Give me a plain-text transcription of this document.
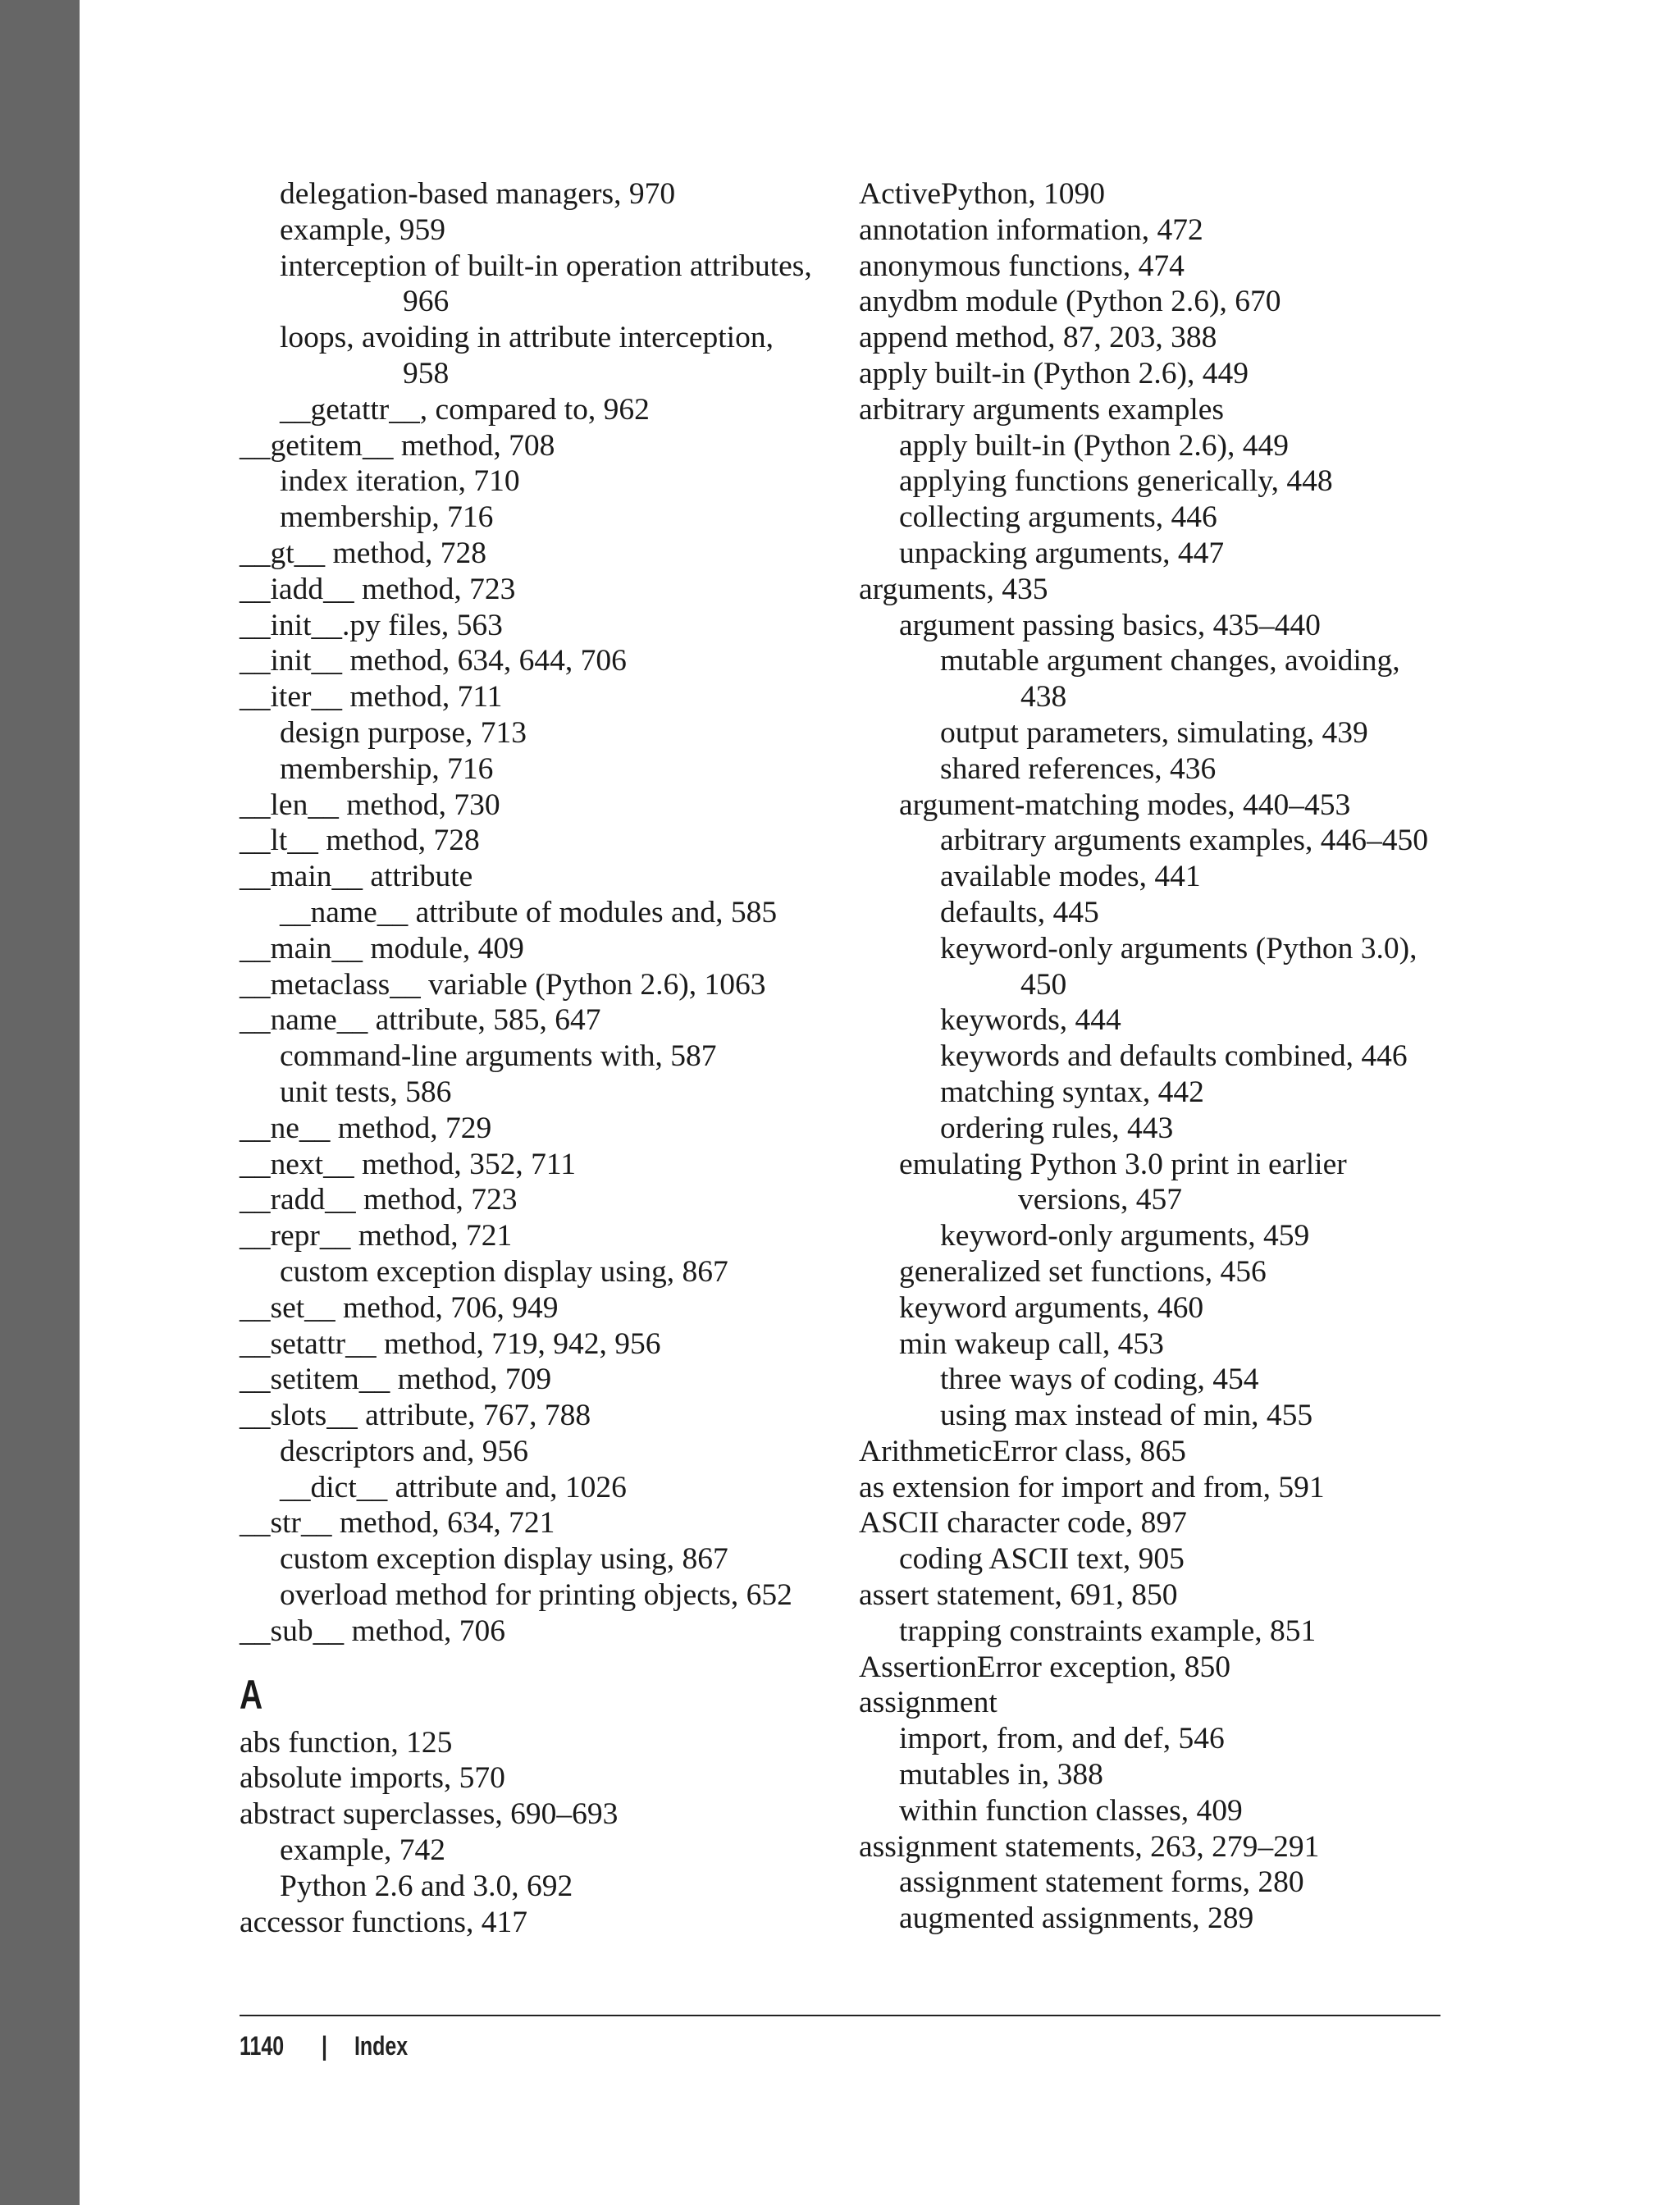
delegation-based managers, 970
example, 959
interception of built-in operation attributes,
966
loops, avoiding in attribute interception,
958
__getattr__, compared to, 962
__getitem__ method, 708
index iteration, 710
membership, 716
__gt__ method, 728
__iadd__ method, 723
__init__.py files, 563
__init__ method, 634, 644, 706
__iter__ method, 711
design purpose, 713
membership, 716
__len__ method, 730
__lt__ method, 728
__main__ attribute
__name__ attribute of modules and, 585
__main__ module, 409
__metaclass__ variable (Python 2.6), 1063
__name__ attribute, 585, 647
command-line arguments with, 587
unit tests, 586
__ne__ method, 729
__next__ method, 352, 711
__radd__ method, 723
__repr__ method, 721
custom exception display using, 867
__set__ method, 706, 949
__setattr__ method, 719, 942, 956
__setitem__ method, 709
__slots__ attribute, 767, 788
descriptors and, 956
__dict__ attribute and, 1026
__str__ method, 634, 721
custom exception display using, 867
overload method for printing objects, 652
__sub__ method, 706
A
abs function, 125
absolute imports, 570
abstract superclasses, 690–693
example, 742
Python 2.6 and 3.0, 692
accessor functions, 417
ActivePython, 1090
annotation information, 472
anonymous functions, 474
anydbm module (Python 2.6), 670
append method, 87, 203, 388
apply built-in (Python 2.6), 449
arbitrary arguments examples
apply built-in (Python 2.6), 449
applying functions generically, 448
collecting arguments, 446
unpacking arguments, 447
arguments, 435
argument passing basics, 435–440
mutable argument changes, avoiding,
438
output parameters, simulating, 439
shared references, 436
argument-matching modes, 440–453
arbitrary arguments examples, 446–450
available modes, 441
defaults, 445
keyword-only arguments (Python 3.0),
450
keywords, 444
keywords and defaults combined, 446
matching syntax, 442
ordering rules, 443
emulating Python 3.0 print in earlier
versions, 457
keyword-only arguments, 459
generalized set functions, 456
keyword arguments, 460
min wakeup call, 453
three ways of coding, 454
using max instead of min, 455
ArithmeticError class, 865
as extension for import and from, 591
ASCII character code, 897
coding ASCII text, 905
assert statement, 691, 850
trapping constraints example, 851
AssertionError exception, 850
assignment
import, from, and def, 546
mutables in, 388
within function classes, 409
assignment statements, 263, 279–291
assignment statement forms, 280
augmented assignments, 289
1140 | Index
